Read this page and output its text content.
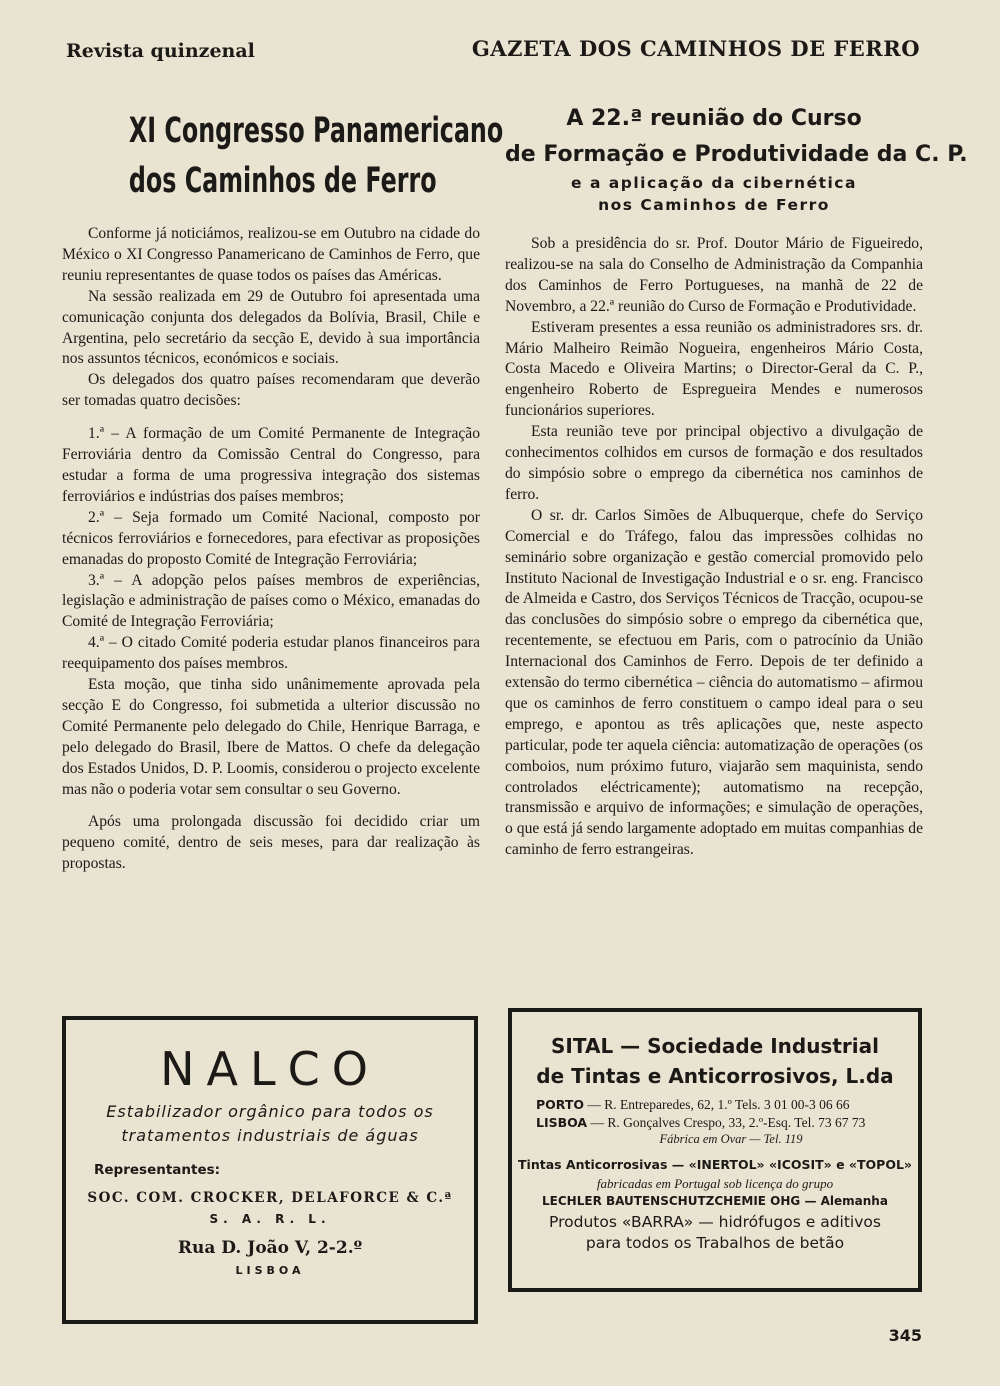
Revista quinzenal	GAZETA DOS CAMINHOS DE FERRO
XI Congresso Panamericano
dos Caminhos de Ferro

Conforme já noticiámos, realizou-se em Outubro na cidade do México o XI Congresso Panamericano de Caminhos de Ferro, que reuniu representantes de quase todos os países das Américas.

Na sessão realizada em 29 de Outubro foi apresentada uma comunicação conjunta dos delegados da Bolívia, Brasil, Chile e Argentina, pelo secretário da secção E, devido à sua importância nos assuntos técnicos, económicos e sociais.

Os delegados dos quatro países recomendaram que deverão ser tomadas quatro decisões:

1.ª – A formação de um Comité Permanente de Integração Ferroviária dentro da Comissão Central do Congresso, para estudar a forma de uma progressiva integração dos sistemas ferroviários e indústrias dos países membros;

2.ª – Seja formado um Comité Nacional, composto por técnicos ferroviários e fornecedores, para efectivar as proposições emanadas do proposto Comité de Integração Ferroviária;

3.ª – A adopção pelos países membros de experiências, legislação e administração de países como o México, emanadas do Comité de Integração Ferroviária;

4.ª – O citado Comité poderia estudar planos financeiros para reequipamento dos países membros.

Esta moção, que tinha sido unânimemente aprovada pela secção E do Congresso, foi submetida a ulterior discussão no Comité Permanente pelo delegado do Chile, Henrique Barraga, e pelo delegado do Brasil, Ibere de Mattos. O chefe da delegação dos Estados Unidos, D. P. Loomis, considerou o projecto excelente mas não o poderia votar sem consultar o seu Governo.

Após uma prolongada discussão foi decidido criar um pequeno comité, dentro de seis meses, para dar realização às propostas.

A 22.ª reunião do Curso
de Formação e Produtividade da C. P.
e a aplicação da cibernética
nos Caminhos de Ferro

Sob a presidência do sr. Prof. Doutor Mário de Figueiredo, realizou-se na sala do Conselho de Administração da Companhia dos Caminhos de Ferro Portugueses, na manhã de 22 de Novembro, a 22.ª reunião do Curso de Formação e Produtividade.

Estiveram presentes a essa reunião os administradores srs. dr. Mário Malheiro Reimão Nogueira, engenheiros Mário Costa, Costa Macedo e Oliveira Martins; o Director-Geral da C. P., engenheiro Roberto de Espregueira Mendes e numerosos funcionários superiores.

Esta reunião teve por principal objectivo a divulgação de conhecimentos colhidos em cursos de formação e dos resultados do simpósio sobre o emprego da cibernética nos caminhos de ferro.

O sr. dr. Carlos Simões de Albuquerque, chefe do Serviço Comercial e do Tráfego, falou das impressões colhidas no seminário sobre organização e gestão comercial promovido pelo Instituto Nacional de Investigação Industrial e o sr. eng. Francisco de Almeida e Castro, dos Serviços Técnicos de Tracção, ocupou-se das conclusões do simpósio sobre o emprego da cibernética que, recentemente, se efectuou em Paris, com o patrocínio da União Internacional dos Caminhos de Ferro. Depois de ter definido a extensão do termo cibernética – ciência do automatismo – afirmou que os caminhos de ferro constituem o campo ideal para o seu emprego, e apontou as três aplicações que, neste aspecto particular, pode ter aquela ciência: automatização de operações (os comboios, num próximo futuro, viajarão sem maquinista, sendo controlados eléctricamente); automatismo na recepção, transmissão e arquivo de informações; e simulação de operações, o que está já sendo largamente adoptado em muitas companhias de caminho de ferro estrangeiras.

NALCO
Estabilizador orgânico para todos os
tratamentos industriais de águas
Representantes:
SOC. COM. CROCKER, DELAFORCE & C.ª
S. A. R. L.
Rua D. João V, 2-2.º
LISBOA
SITAL — Sociedade Industrial
de Tintas e Anticorrosivos, L.da
PORTO — R. Entreparedes, 62, 1.º Tels. 3 01 00-3 06 66
LISBOA — R. Gonçalves Crespo, 33, 2.º-Esq. Tel. 73 67 73
Fábrica em Ovar — Tel. 119
Tintas Anticorrosivas — «INERTOL» «ICOSIT» e «TOPOL»
fabricadas em Portugal sob licença do grupo
LECHLER BAUTENSCHUTZCHEMIE OHG — Alemanha
Produtos «BARRA» — hidrófugos e aditivos
para todos os Trabalhos de betão
345
